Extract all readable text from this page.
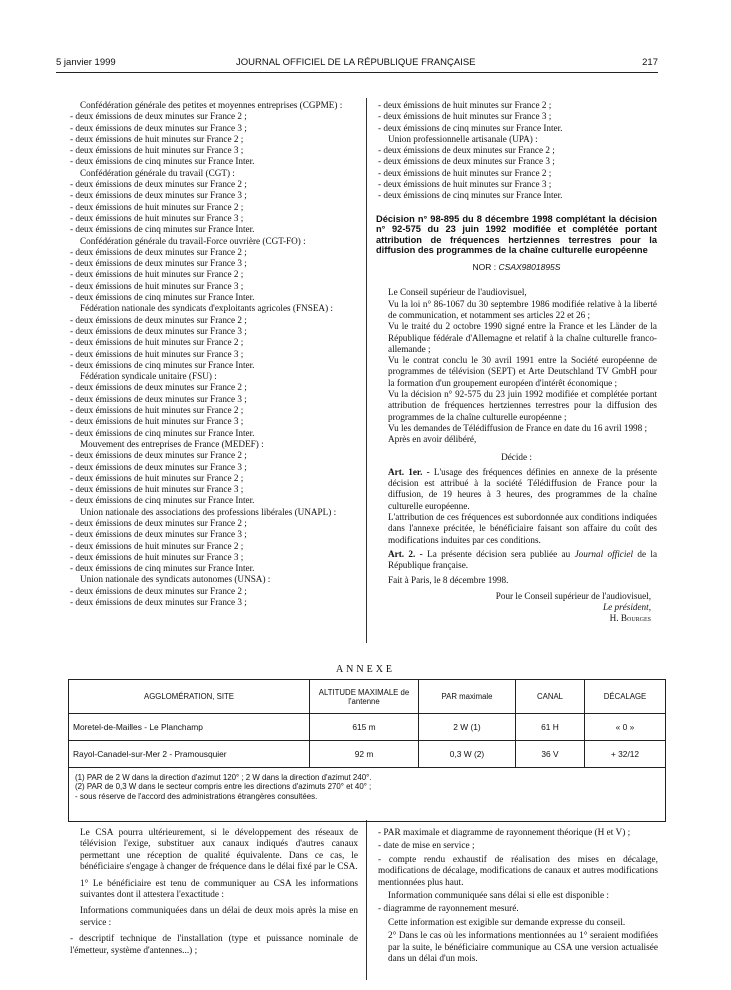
5 janvier 1999	JOURNAL OFFICIEL DE LA RÉPUBLIQUE FRANÇAISE	217

Confédération générale des petites et moyennes entreprises (CGPME) :

- deux émissions de deux minutes sur France 2 ;

- deux émissions de deux minutes sur France 3 ;

- deux émissions de huit minutes sur France 2 ;

- deux émissions de huit minutes sur France 3 ;

- deux émissions de cinq minutes sur France Inter.

Confédération générale du travail (CGT) :

- deux émissions de deux minutes sur France 2 ;

- deux émissions de deux minutes sur France 3 ;

- deux émissions de huit minutes sur France 2 ;

- deux émissions de huit minutes sur France 3 ;

- deux émissions de cinq minutes sur France Inter.

Confédération générale du travail-Force ouvrière (CGT-FO) :

- deux émissions de deux minutes sur France 2 ;

- deux émissions de deux minutes sur France 3 ;

- deux émissions de huit minutes sur France 2 ;

- deux émissions de huit minutes sur France 3 ;

- deux émissions de cinq minutes sur France Inter.

Fédération nationale des syndicats d'exploitants agricoles (FNSEA) :

- deux émissions de deux minutes sur France 2 ;

- deux émissions de deux minutes sur France 3 ;

- deux émissions de huit minutes sur France 2 ;

- deux émissions de huit minutes sur France 3 ;

- deux émissions de cinq minutes sur France Inter.

Fédération syndicale unitaire (FSU) :

- deux émissions de deux minutes sur France 2 ;

- deux émissions de deux minutes sur France 3 ;

- deux émissions de huit minutes sur France 2 ;

- deux émissions de huit minutes sur France 3 ;

- deux émissions de cinq minutes sur France Inter.

Mouvement des entreprises de France (MEDEF) :

- deux émissions de deux minutes sur France 2 ;

- deux émissions de deux minutes sur France 3 ;

- deux émissions de huit minutes sur France 2 ;

- deux émissions de huit minutes sur France 3 ;

- deux émissions de cinq minutes sur France Inter.

Union nationale des associations des professions libérales (UNAPL) :

- deux émissions de deux minutes sur France 2 ;

- deux émissions de deux minutes sur France 3 ;

- deux émissions de huit minutes sur France 2 ;

- deux émissions de huit minutes sur France 3 ;

- deux émissions de cinq minutes sur France Inter.

Union nationale des syndicats autonomes (UNSA) :

- deux émissions de deux minutes sur France 2 ;

- deux émissions de deux minutes sur France 3 ;

- deux émissions de huit minutes sur France 2 ;

- deux émissions de huit minutes sur France 3 ;

- deux émissions de cinq minutes sur France Inter.

Union professionnelle artisanale (UPA) :

- deux émissions de deux minutes sur France 2 ;

- deux émissions de deux minutes sur France 3 ;

- deux émissions de huit minutes sur France 2 ;

- deux émissions de huit minutes sur France 3 ;

- deux émissions de cinq minutes sur France Inter.

Décision n° 98-895 du 8 décembre 1998 complétant la décision n° 92-575 du 23 juin 1992 modifiée et complétée portant attribution de fréquences hertziennes terrestres pour la diffusion des programmes de la chaîne culturelle européenne

NOR : CSAX9801895S

Le Conseil supérieur de l'audiovisuel,

Vu la loi n° 86-1067 du 30 septembre 1986 modifiée relative à la liberté de communication, et notamment ses articles 22 et 26 ;

Vu le traité du 2 octobre 1990 signé entre la France et les Länder de la République fédérale d'Allemagne et relatif à la chaîne culturelle franco-allemande ;

Vu le contrat conclu le 30 avril 1991 entre la Société européenne de programmes de télévision (SEPT) et Arte Deutschland TV GmbH pour la formation d'un groupement européen d'intérêt économique ;

Vu la décision n° 92-575 du 23 juin 1992 modifiée et complétée portant attribution de fréquences hertziennes terrestres pour la diffusion des programmes de la chaîne culturelle européenne ;

Vu les demandes de Télédiffusion de France en date du 16 avril 1998 ;

Après en avoir délibéré,

Décide :

Art. 1er. - L'usage des fréquences définies en annexe de la présente décision est attribué à la société Télédiffusion de France pour la diffusion, de 19 heures à 3 heures, des programmes de la chaîne culturelle européenne.

L'attribution de ces fréquences est subordonnée aux conditions indiquées dans l'annexe précitée, le bénéficiaire faisant son affaire du coût des modifications induites par ces conditions.

Art. 2. - La présente décision sera publiée au Journal officiel de la République française.

Fait à Paris, le 8 décembre 1998.

Pour le Conseil supérieur de l'audiovisuel,

Le président,

H. Bourges

ANNEXE
AGGLOMÉRATION, SITE	ALTITUDE MAXIMALE de l'antenne	PAR maximale	CANAL	DÉCALAGE
Moretel-de-Mailles - Le Planchamp	615 m	2 W (1)	61 H	« 0 »
Rayol-Canadel-sur-Mer 2 - Pramousquier	92 m	0,3 W (2)	36 V	+ 32/12
(1) PAR de 2 W dans la direction d'azimut 120° ; 2 W dans la direction d'azimut 240°.
(2) PAR de 0,3 W dans le secteur compris entre les directions d'azimuts 270° et 40° ;
- sous réserve de l'accord des administrations étrangères consultées.

Le CSA pourra ultérieurement, si le développement des réseaux de télévision l'exige, substituer aux canaux indiqués d'autres canaux permettant une réception de qualité équivalente. Dans ce cas, le bénéficiaire s'engage à changer de fréquence dans le délai fixé par le CSA.

1° Le bénéficiaire est tenu de communiquer au CSA les informations suivantes dont il attestera l'exactitude :

Informations communiquées dans un délai de deux mois après la mise en service :

- descriptif technique de l'installation (type et puissance nominale de l'émetteur, système d'antennes...) ;

- PAR maximale et diagramme de rayonnement théorique (H et V) ;

- date de mise en service ;

- compte rendu exhaustif de réalisation des mises en décalage, modifications de décalage, modifications de canaux et autres modifications mentionnées plus haut.

Information communiquée sans délai si elle est disponible :

- diagramme de rayonnement mesuré.

Cette information est exigible sur demande expresse du conseil.

2° Dans le cas où les informations mentionnées au 1° seraient modifiées par la suite, le bénéficiaire communique au CSA une version actualisée dans un délai d'un mois.
